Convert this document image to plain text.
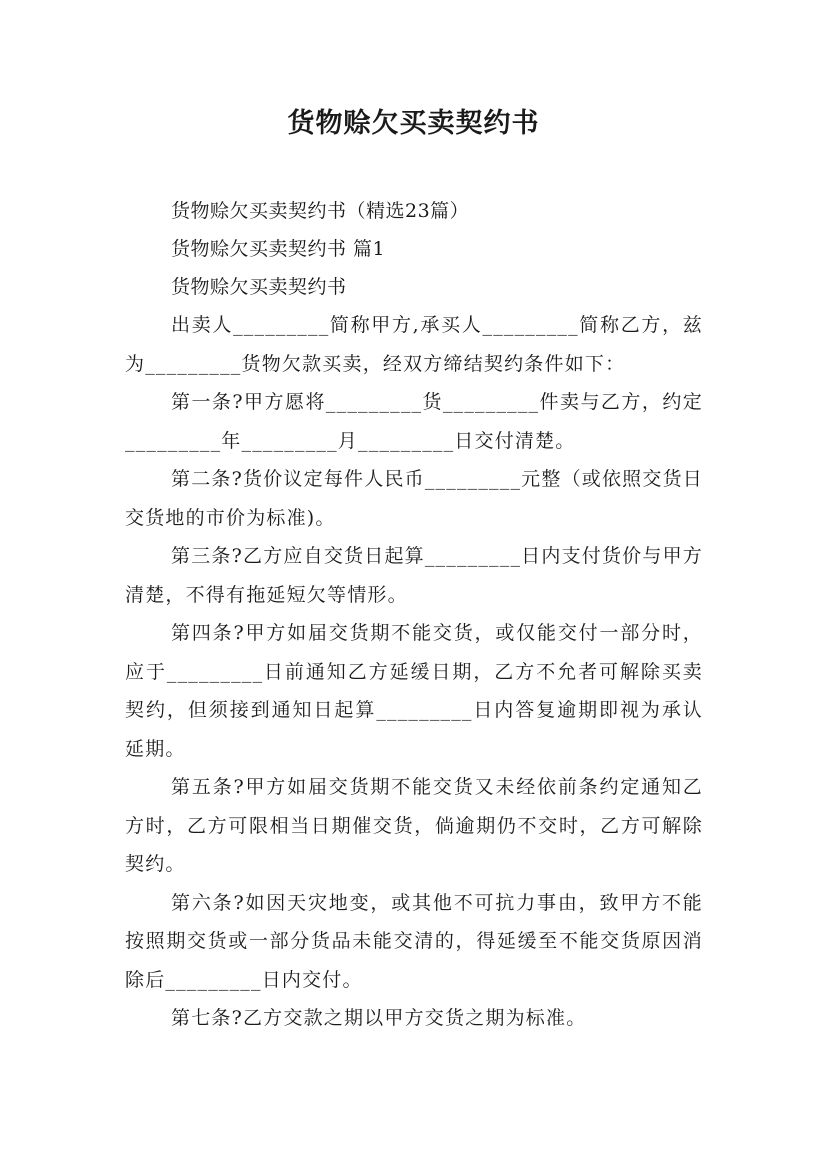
货物赊欠买卖契约书

货物赊欠买卖契约书（精选23篇）

货物赊欠买卖契约书 篇1

货物赊欠买卖契约书

出卖人_________简称甲方,承买人_________简称乙方，兹为_________货物欠款买卖，经双方缔结契约条件如下：

第一条?甲方愿将_________货_________件卖与乙方，约定_________年_________月_________日交付清楚。

第二条?货价议定每件人民币_________元整（或依照交货日交货地的市价为标准)。

第三条?乙方应自交货日起算_________日内支付货价与甲方清楚，不得有拖延短欠等情形。

第四条?甲方如届交货期不能交货，或仅能交付一部分时，应于_________日前通知乙方延缓日期，乙方不允者可解除买卖契约，但须接到通知日起算_________日内答复逾期即视为承认延期。

第五条?甲方如届交货期不能交货又未经依前条约定通知乙方时，乙方可限相当日期催交货，倘逾期仍不交时，乙方可解除契约。

第六条?如因天灾地变，或其他不可抗力事由，致甲方不能按照期交货或一部分货品未能交清的，得延缓至不能交货原因消除后_________日内交付。

第七条?乙方交款之期以甲方交货之期为标准。
